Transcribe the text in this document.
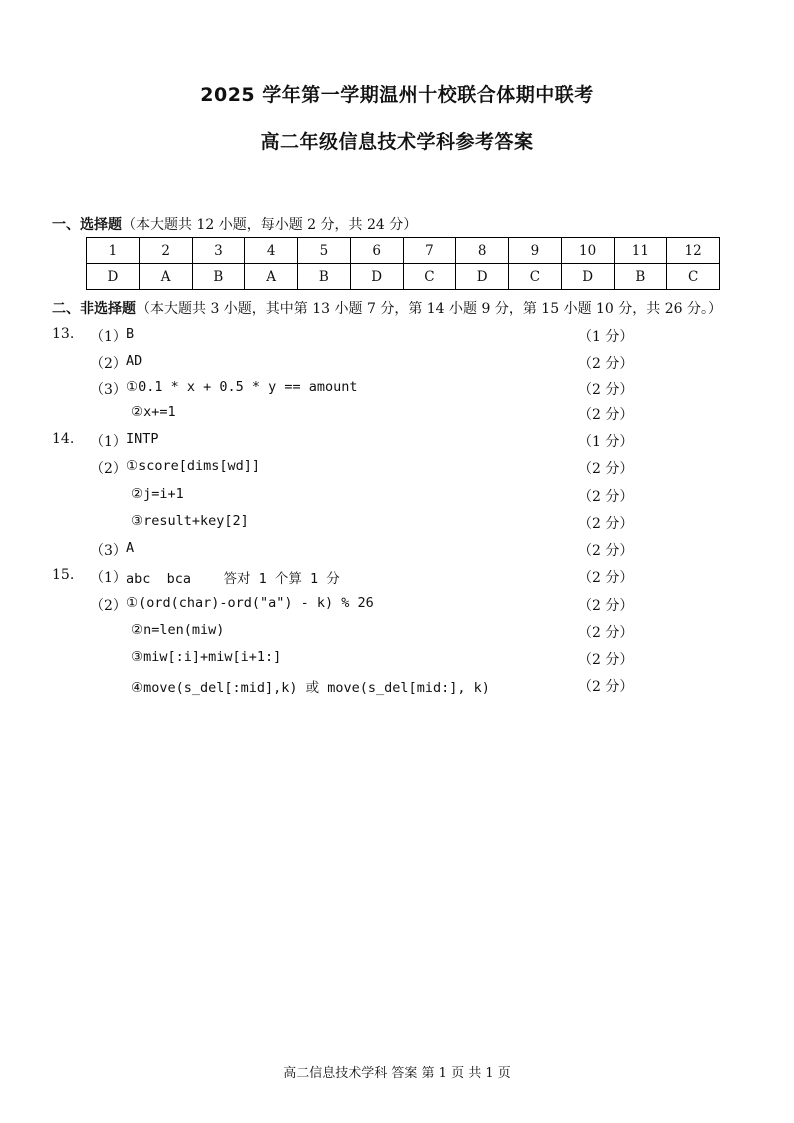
2025 学年第一学期温州十校联合体期中联考
高二年级信息技术学科参考答案
一、选择题（本大题共 12 小题，每小题 2 分，共 24 分）
1	2	3	4	5	6	7	8	9	10	11	12
D	A	B	A	B	D	C	D	C	D	B	C
二、非选择题（本大题共 3 小题，其中第 13 小题 7 分，第 14 小题 9 分，第 15 小题 10 分，共 26 分。）
13. （1） B	（1 分）
（2） AD	（2 分）
（3） ①0.1 * x + 0.5 * y == amount	（2 分）
②x+=1	（2 分）
14. （1） INTP	（1 分）
（2） ①score[dims[wd]]	（2 分）
②j=i+1	（2 分）
③result+key[2]	（2 分）
（3） A	（2 分）
15. （1） abc  bca    答对 1 个算 1 分	（2 分）
（2） ①(ord(char)-ord("a") - k) % 26	（2 分）
②n=len(miw)	（2 分）
③miw[:i]+miw[i+1:]	（2 分）
④move(s_del[:mid],k) 或 move(s_del[mid:], k)	（2 分）
高二信息技术学科 答案 第 1 页 共 1 页
